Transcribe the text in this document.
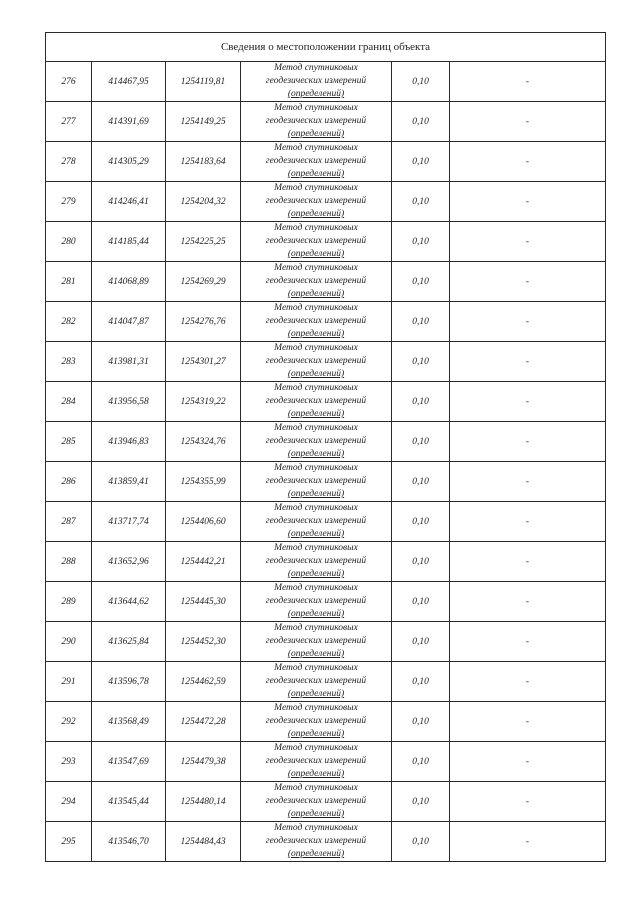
Сведения о местоположении границ объекта					
276	414467,95	1254119,81	Метод спутниковых
геодезических измерений
(определений)	0,10	-
277	414391,69	1254149,25	Метод спутниковых
геодезических измерений
(определений)	0,10	-
278	414305,29	1254183,64	Метод спутниковых
геодезических измерений
(определений)	0,10	-
279	414246,41	1254204,32	Метод спутниковых
геодезических измерений
(определений)	0,10	-
280	414185,44	1254225,25	Метод спутниковых
геодезических измерений
(определений)	0,10	-
281	414068,89	1254269,29	Метод спутниковых
геодезических измерений
(определений)	0,10	-
282	414047,87	1254276,76	Метод спутниковых
геодезических измерений
(определений)	0,10	-
283	413981,31	1254301,27	Метод спутниковых
геодезических измерений
(определений)	0,10	-
284	413956,58	1254319,22	Метод спутниковых
геодезических измерений
(определений)	0,10	-
285	413946,83	1254324,76	Метод спутниковых
геодезических измерений
(определений)	0,10	-
286	413859,41	1254355,99	Метод спутниковых
геодезических измерений
(определений)	0,10	-
287	413717,74	1254406,60	Метод спутниковых
геодезических измерений
(определений)	0,10	-
288	413652,96	1254442,21	Метод спутниковых
геодезических измерений
(определений)	0,10	-
289	413644,62	1254445,30	Метод спутниковых
геодезических измерений
(определений)	0,10	-
290	413625,84	1254452,30	Метод спутниковых
геодезических измерений
(определений)	0,10	-
291	413596,78	1254462,59	Метод спутниковых
геодезических измерений
(определений)	0,10	-
292	413568,49	1254472,28	Метод спутниковых
геодезических измерений
(определений)	0,10	-
293	413547,69	1254479,38	Метод спутниковых
геодезических измерений
(определений)	0,10	-
294	413545,44	1254480,14	Метод спутниковых
геодезических измерений
(определений)	0,10	-
295	413546,70	1254484,43	Метод спутниковых
геодезических измерений
(определений)	0,10	-
